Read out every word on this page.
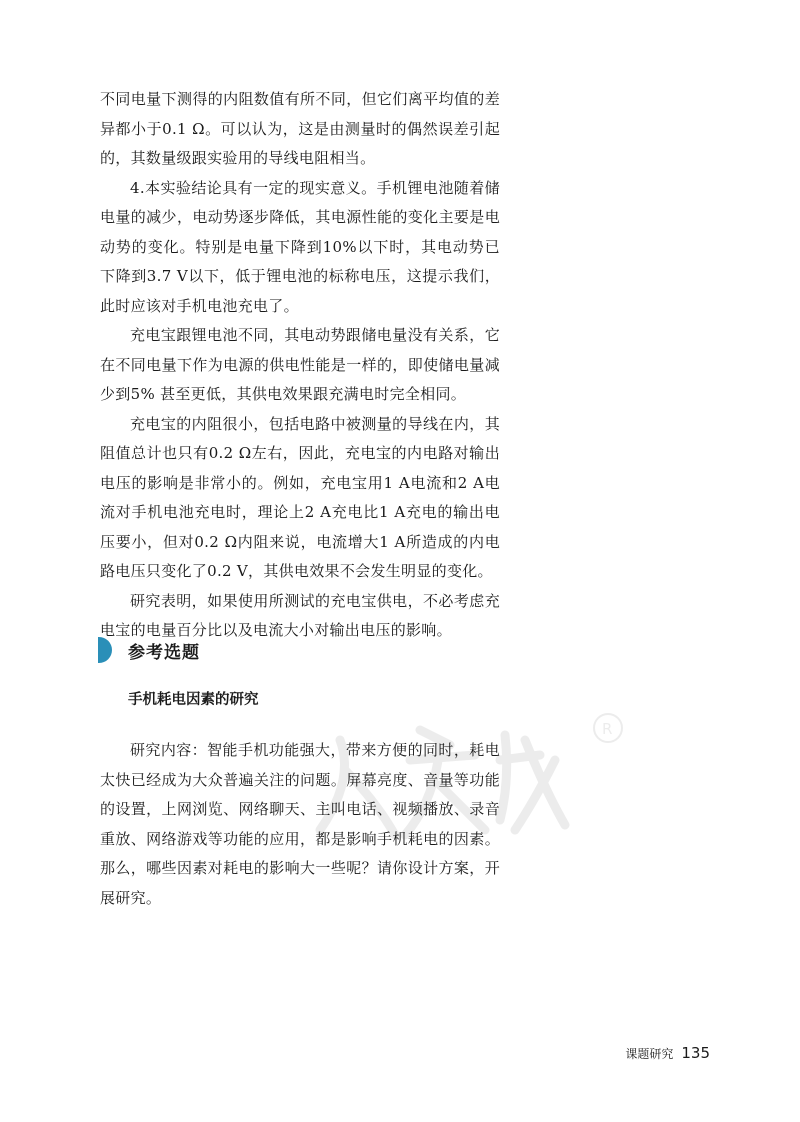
不同电量下测得的内阻数值有所不同，但它们离平均值的差异都小于0.1 Ω。可以认为，这是由测量时的偶然误差引起的，其数量级跟实验用的导线电阻相当。

4.本实验结论具有一定的现实意义。手机锂电池随着储电量的减少，电动势逐步降低，其电源性能的变化主要是电动势的变化。特别是电量下降到10%以下时，其电动势已下降到3.7 V以下，低于锂电池的标称电压，这提示我们，此时应该对手机电池充电了。

充电宝跟锂电池不同，其电动势跟储电量没有关系，它在不同电量下作为电源的供电性能是一样的，即使储电量减少到5% 甚至更低，其供电效果跟充满电时完全相同。

充电宝的内阻很小，包括电路中被测量的导线在内，其阻值总计也只有0.2 Ω左右，因此，充电宝的内电路对输出电压的影响是非常小的。例如，充电宝用1 A电流和2 A电流对手机电池充电时，理论上2 A充电比1 A充电的输出电压要小，但对0.2 Ω内阻来说，电流增大1 A所造成的内电路电压只变化了0.2 V，其供电效果不会发生明显的变化。

研究表明，如果使用所测试的充电宝供电，不必考虑充电宝的电量百分比以及电流大小对输出电压的影响。

参考选题
手机耗电因素的研究
R

研究内容：智能手机功能强大，带来方便的同时，耗电太快已经成为大众普遍关注的问题。屏幕亮度、音量等功能的设置，上网浏览、网络聊天、主叫电话、视频播放、录音重放、网络游戏等功能的应用，都是影响手机耗电的因素。那么，哪些因素对耗电的影响大一些呢？请你设计方案，开展研究。

课题研究 135
